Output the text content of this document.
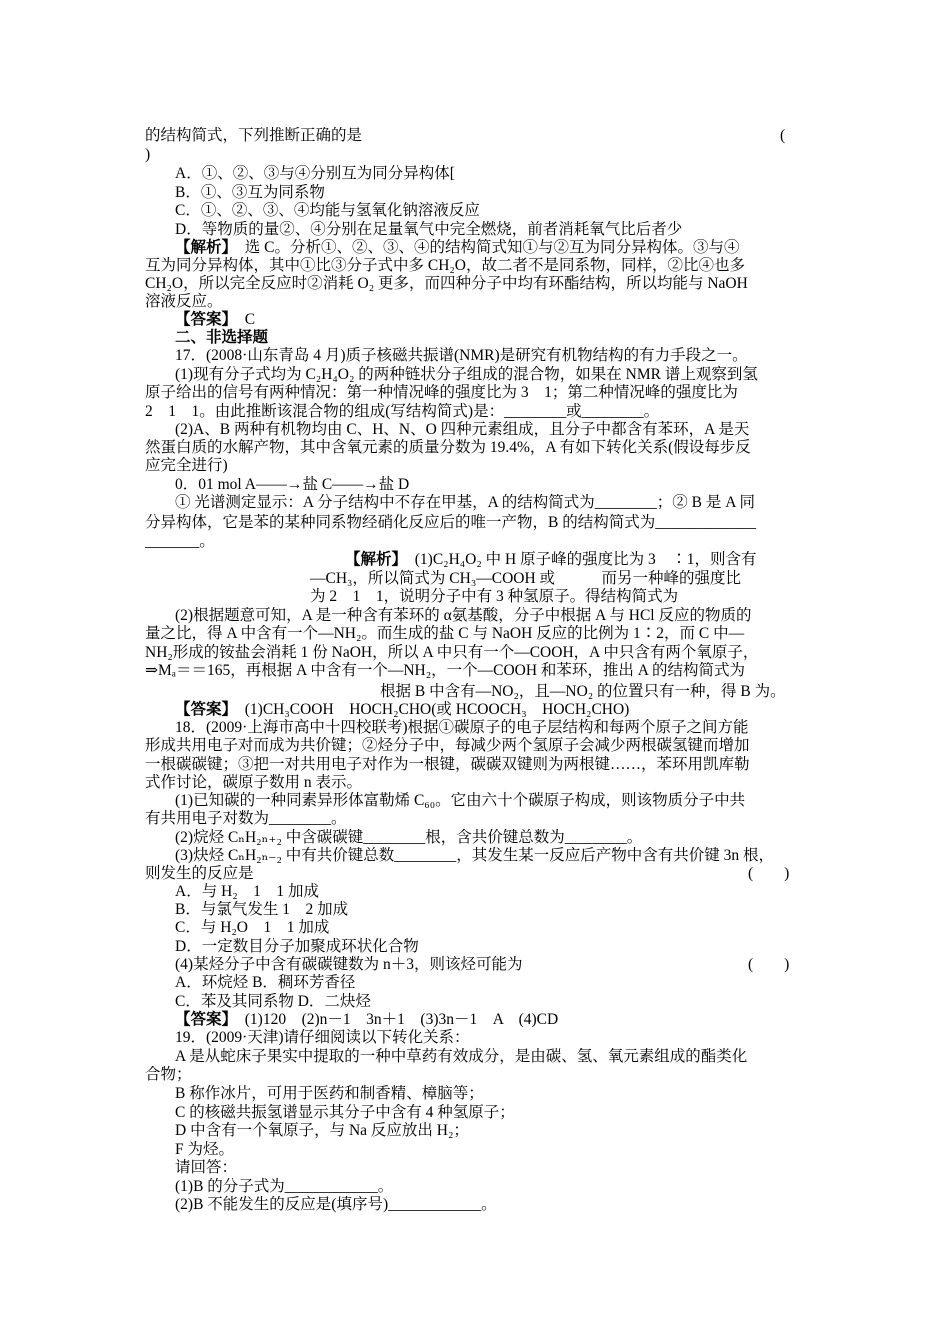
的结构简式，下列推断正确的是	(
)
A．①、②、③与④分别互为同分异构体[
B．①、③互为同系物
C．①、②、③、④均能与氢氧化钠溶液反应
D．等物质的量②、④分别在足量氧气中完全燃烧，前者消耗氧气比后者少
【解析】　选 C。分析①、②、③、④的结构简式知①与②互为同分异构体。③与④
互为同分异构体，其中①比③分子式中多 CH₂O，故二者不是同系物，同样，②比④也多
CH₂O，所以完全反应时②消耗 O₂ 更多，而四种分子中均有环酯结构，所以均能与 NaOH
溶液反应。
【答案】　C
二、非选择题
17．(2008·山东青岛 4 月)质子核磁共振谱(NMR)是研究有机物结构的有力手段之一。
(1)现有分子式均为 C₂H₄O₂ 的两种链状分子组成的混合物，如果在 NMR 谱上观察到氢
原子给出的信号有两种情况：第一种情况峰的强度比为 3　1；第二种情况峰的强度比为
2　1　1。由此推断该混合物的组成(写结构简式)是：________或________。
(2)A、B 两种有机物均由 C、H、N、O 四种元素组成，且分子中都含有苯环，A 是天
然蛋白质的水解产物，其中含氧元素的质量分数为 19.4%，A 有如下转化关系(假设每步反
应完全进行)
0．01 mol A——→盐 C——→盐 D
① 光谱测定显示：A 分子结构中不存在甲基，A 的结构简式为________；② B 是 A 同
分异构体，它是苯的某种同系物经硝化反应后的唯一产物，B 的结构简式为_____________
_______。
【解析】　(1)C₂H₄O₂ 中 H 原子峰的强度比为 3　∶1，则含有
—CH₃，所以简式为 CH₃—COOH 或　　　而另一种峰的强度比
为 2　1　1，说明分子中有 3 种氢原子。得结构简式为
(2)根据题意可知，A 是一种含有苯环的 α氨基酸，分子中根据 A 与 HCl 反应的物质的
量之比，得 A 中含有一个—NH₂。而生成的盐 C 与 NaOH 反应的比例为 1∶2，而 C 中—
NH₂形成的铵盐会消耗 1 份 NaOH，所以 A 中只有一个—COOH，A 中只含有两个氧原子，
⇒Mₐ＝＝165，再根据 A 中含有一个—NH₂，一个—COOH 和苯环，推出 A 的结构简式为
根据 B 中含有—NO₂，且—NO₂ 的位置只有一种，得 B 为。
【答案】　(1)CH₃COOH　HOCH₂CHO(或 HCOOCH₃　HOCH₂CHO)
18．(2009·上海市高中十四校联考)根据①碳原子的电子层结构和每两个原子之间方能
形成共用电子对而成为共价键；②烃分子中，每减少两个氢原子会减少两根碳氢键而增加
一根碳碳键；③把一对共用电子对作为一根键，碳碳双键则为两根键……，苯环用凯库勒
式作讨论，碳原子数用 n 表示。
(1)已知碳的一种同素异形体富勒烯 C₆₀。它由六十个碳原子构成，则该物质分子中共
有共用电子对数为________。
(2)烷烃 CₙH₂ₙ₊₂ 中含碳碳键________根，含共价键总数为________。
(3)炔烃 CₙH₂ₙ₋₂ 中有共价键总数________，其发生某一反应后产物中含有共价键 3n 根，
则发生的反应是	(　　)
A．与 H₂　1　1 加成
B．与氯气发生 1　2 加成
C．与 H₂O　1　1 加成
D．一定数目分子加聚成环状化合物
(4)某烃分子中含有碳碳键数为 n＋3，则该烃可能为	(　　)
A．环烷烃 B．稠环芳香径
C．苯及其同系物 D．二炔烃
【答案】　(1)120　(2)n－1　3n＋1　(3)3n－1　A　(4)CD
19．(2009·天津)请仔细阅读以下转化关系：
A 是从蛇床子果实中提取的一种中草药有效成分，是由碳、氢、氧元素组成的酯类化
合物；
B 称作冰片，可用于医药和制香精、樟脑等；
C 的核磁共振氢谱显示其分子中含有 4 种氢原子；
D 中含有一个氧原子，与 Na 反应放出 H₂；
F 为烃。
请回答：
(1)B 的分子式为____________。
(2)B 不能发生的反应是(填序号)____________。
